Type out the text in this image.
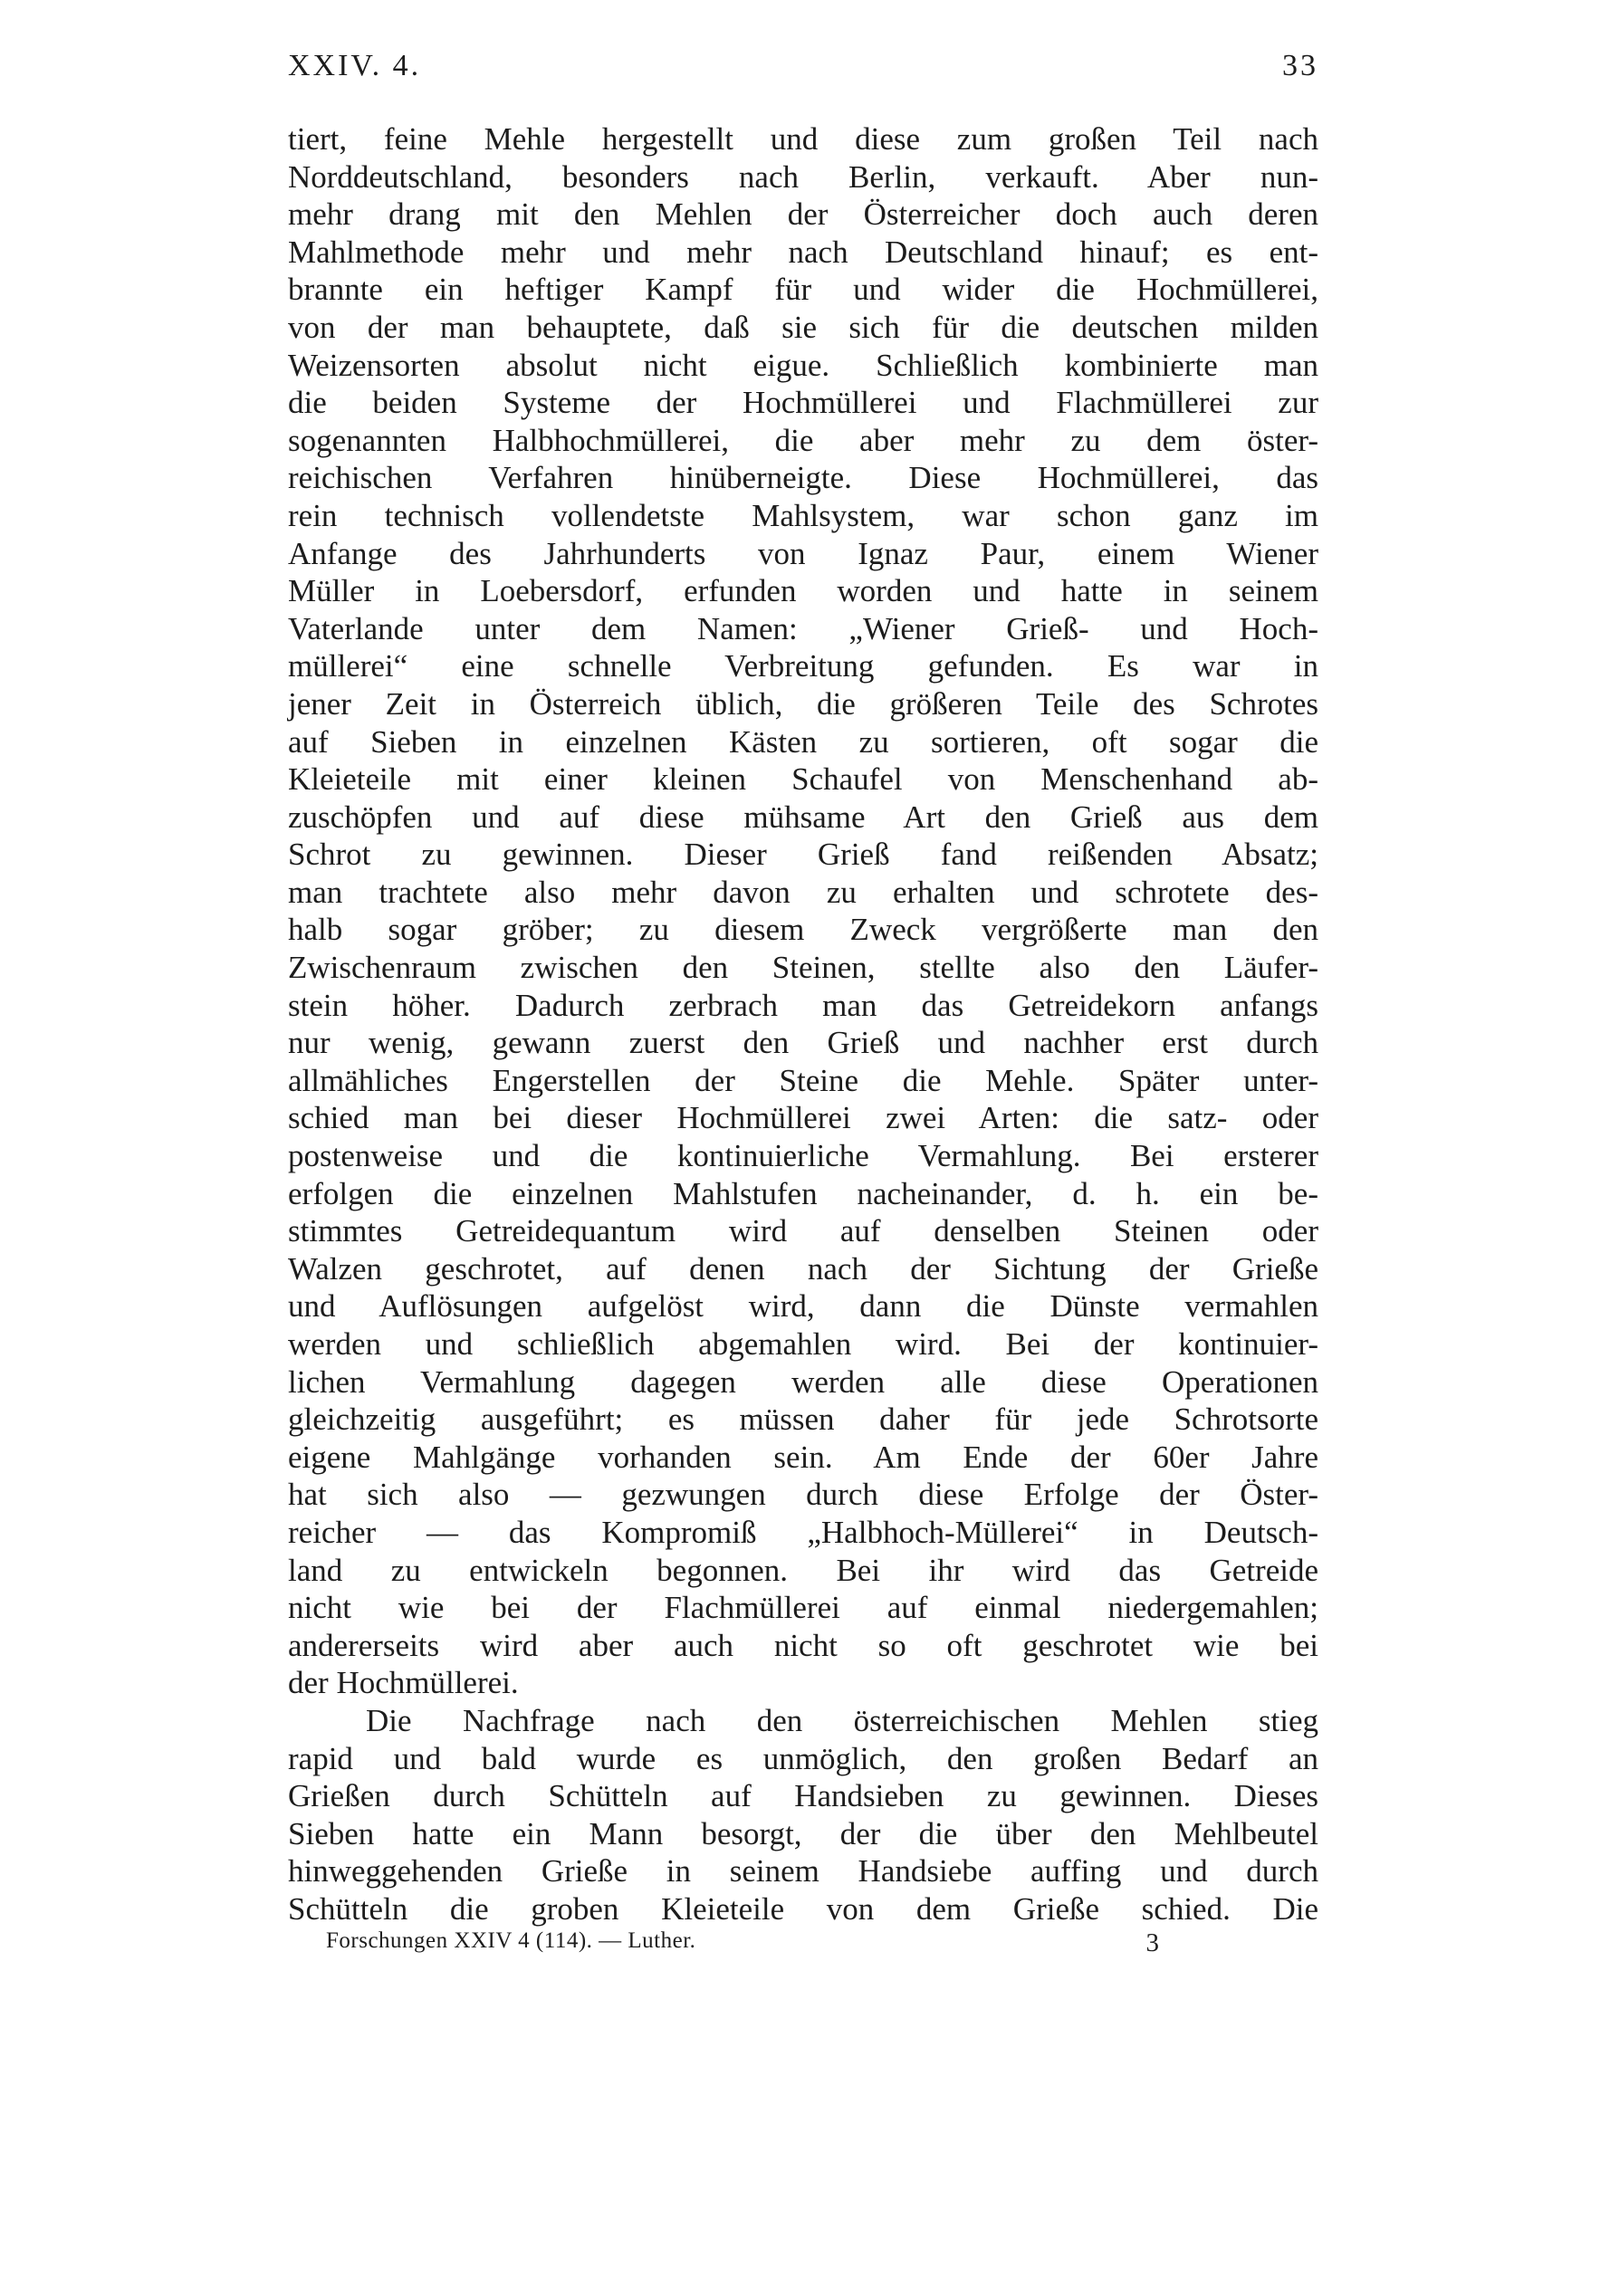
XXIV. 4.	33
tiert, feine Mehle hergestellt und diese zum großen Teil nach
Norddeutschland, besonders nach Berlin, verkauft. Aber nun-
mehr drang mit den Mehlen der Österreicher doch auch deren
Mahlmethode mehr und mehr nach Deutschland hinauf; es ent-
brannte ein heftiger Kampf für und wider die Hochmüllerei,
von der man behauptete, daß sie sich für die deutschen milden
Weizensorten absolut nicht eigue. Schließlich kombinierte man
die beiden Systeme der Hochmüllerei und Flachmüllerei zur
sogenannten Halbhochmüllerei, die aber mehr zu dem öster-
reichischen Verfahren hinüberneigte. Diese Hochmüllerei, das
rein technisch vollendetste Mahlsystem, war schon ganz im
Anfange des Jahrhunderts von Ignaz Paur, einem Wiener
Müller in Loebersdorf, erfunden worden und hatte in seinem
Vaterlande unter dem Namen: „Wiener Grieß- und Hoch-
müllerei“ eine schnelle Verbreitung gefunden. Es war in
jener Zeit in Österreich üblich, die größeren Teile des Schrotes
auf Sieben in einzelnen Kästen zu sortieren, oft sogar die
Kleieteile mit einer kleinen Schaufel von Menschenhand ab-
zuschöpfen und auf diese mühsame Art den Grieß aus dem
Schrot zu gewinnen. Dieser Grieß fand reißenden Absatz;
man trachtete also mehr davon zu erhalten und schrotete des-
halb sogar gröber; zu diesem Zweck vergrößerte man den
Zwischenraum zwischen den Steinen, stellte also den Läufer-
stein höher. Dadurch zerbrach man das Getreidekorn anfangs
nur wenig, gewann zuerst den Grieß und nachher erst durch
allmähliches Engerstellen der Steine die Mehle. Später unter-
schied man bei dieser Hochmüllerei zwei Arten: die satz- oder
postenweise und die kontinuierliche Vermahlung. Bei ersterer
erfolgen die einzelnen Mahlstufen nacheinander, d. h. ein be-
stimmtes Getreidequantum wird auf denselben Steinen oder
Walzen geschrotet, auf denen nach der Sichtung der Grieße
und Auflösungen aufgelöst wird, dann die Dünste vermahlen
werden und schließlich abgemahlen wird. Bei der kontinuier-
lichen Vermahlung dagegen werden alle diese Operationen
gleichzeitig ausgeführt; es müssen daher für jede Schrotsorte
eigene Mahlgänge vorhanden sein. Am Ende der 60er Jahre
hat sich also — gezwungen durch diese Erfolge der Öster-
reicher — das Kompromiß „Halbhoch-Müllerei“ in Deutsch-
land zu entwickeln begonnen. Bei ihr wird das Getreide
nicht wie bei der Flachmüllerei auf einmal niedergemahlen;
andererseits wird aber auch nicht so oft geschrotet wie bei
der Hochmüllerei.
Die Nachfrage nach den österreichischen Mehlen stieg
rapid und bald wurde es unmöglich, den großen Bedarf an
Grießen durch Schütteln auf Handsieben zu gewinnen. Dieses
Sieben hatte ein Mann besorgt, der die über den Mehlbeutel
hinweggehenden Grieße in seinem Handsiebe auffing und durch
Schütteln die groben Kleieteile von dem Grieße schied. Die
Forschungen XXIV 4 (114). — Luther.	3
